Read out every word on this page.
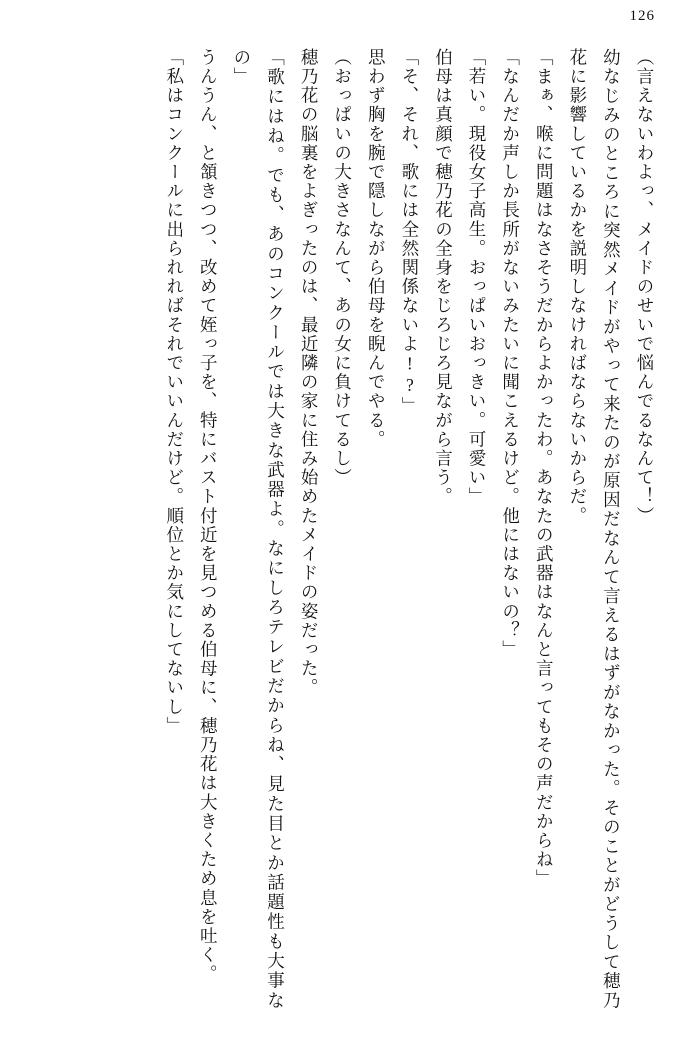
126

（言えないわよっ、メイドのせいで悩んでるなんて！）

幼なじみのところに突然メイドがやって来たのが原因だなんて言えるはずがなかった。そのことがどうして穂乃花に影響しているかを説明しなければならないからだ。

「まぁ、喉に問題はなさそうだからよかったわ。あなたの武器はなんと言ってもその声だからね」

「なんだか声しか長所がないみたいに聞こえるけど。他にはないの？」

「若い。現役女子高生。おっぱいおっきい。可愛い」

伯母は真顔で穂乃花の全身をじろじろ見ながら言う。

「そ、それ、歌には全然関係ないよ!?」

思わず胸を腕で隠しながら伯母を睨んでやる。

（おっぱいの大きさなんて、あの女に負けてるし）

穂乃花の脳裏をよぎったのは、最近隣の家に住み始めたメイドの姿だった。

「歌にはね。でも、あのコンクールでは大きな武器よ。なにしろテレビだからね、見た目とか話題性も大事なの」

うんうん、と頷きつつ、改めて姪っ子を、特にバスト付近を見つめる伯母に、穂乃花は大きくため息を吐く。

「私はコンクールに出られればそれでいいんだけど。順位とか気にしてないし」
